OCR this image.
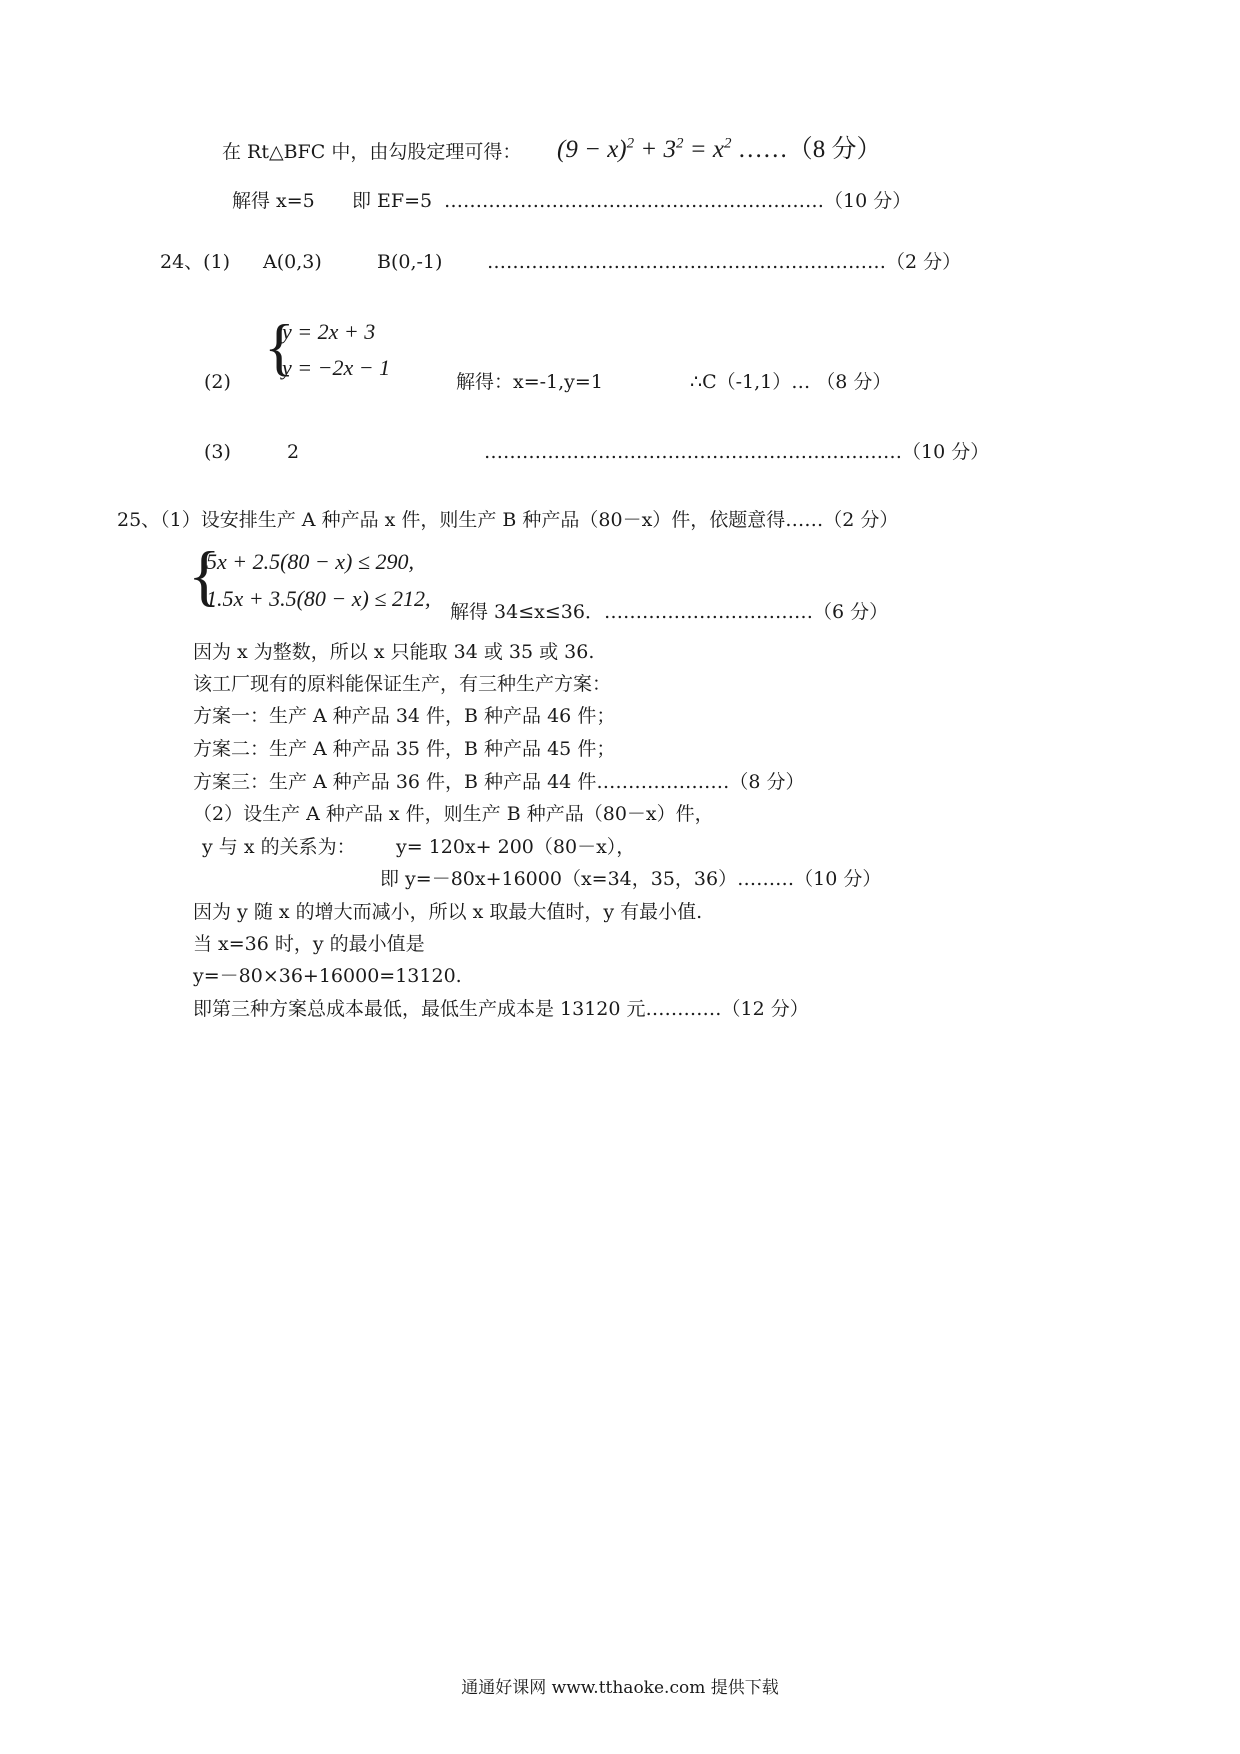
在 Rt△BFC 中，由勾股定理可得： $(9 - x)^2 + 3^2 = x^2$ ……（8 分）
解得 x=5 即 EF=5 ……………………………………………………（10 分）
24、(1) A(0,3)	B(0,-1) ………………………………………………………（2 分）
{
y = 2x + 3
y = −2x − 1
(2)	解得：x=-1,y=1	∴C（-1,1）… （8 分）
(3)	2	…………………………………………………………（10 分）
25、（1）设安排生产 A 种产品 x 件，则生产 B 种产品（80－x）件，依题意得……（2 分）
{
5x + 2.5(80 − x) ≤ 290,
1.5x + 3.5(80 − x) ≤ 212,
解得 34≤x≤36．……………………………（6 分）
因为 x 为整数，所以 x 只能取 34 或 35 或 36.
该工厂现有的原料能保证生产，有三种生产方案：
方案一：生产 A 种产品 34 件，B 种产品 46 件；
方案二：生产 A 种产品 35 件，B 种产品 45 件；
方案三：生产 A 种产品 36 件，B 种产品 44 件…………………（8 分）
（2）设生产 A 种产品 x 件，则生产 B 种产品（80－x）件，
y 与 x 的关系为： y= 120x+ 200（80－x），
即 y=－80x+16000（x=34，35，36）………（10 分）
因为 y 随 x 的增大而减小，所以 x 取最大值时，y 有最小值.
当 x=36 时，y 的最小值是
y=－80×36+16000=13120.
即第三种方案总成本最低，最低生产成本是 13120 元…………（12 分）
通通好课网 www.tthaoke.com 提供下载
